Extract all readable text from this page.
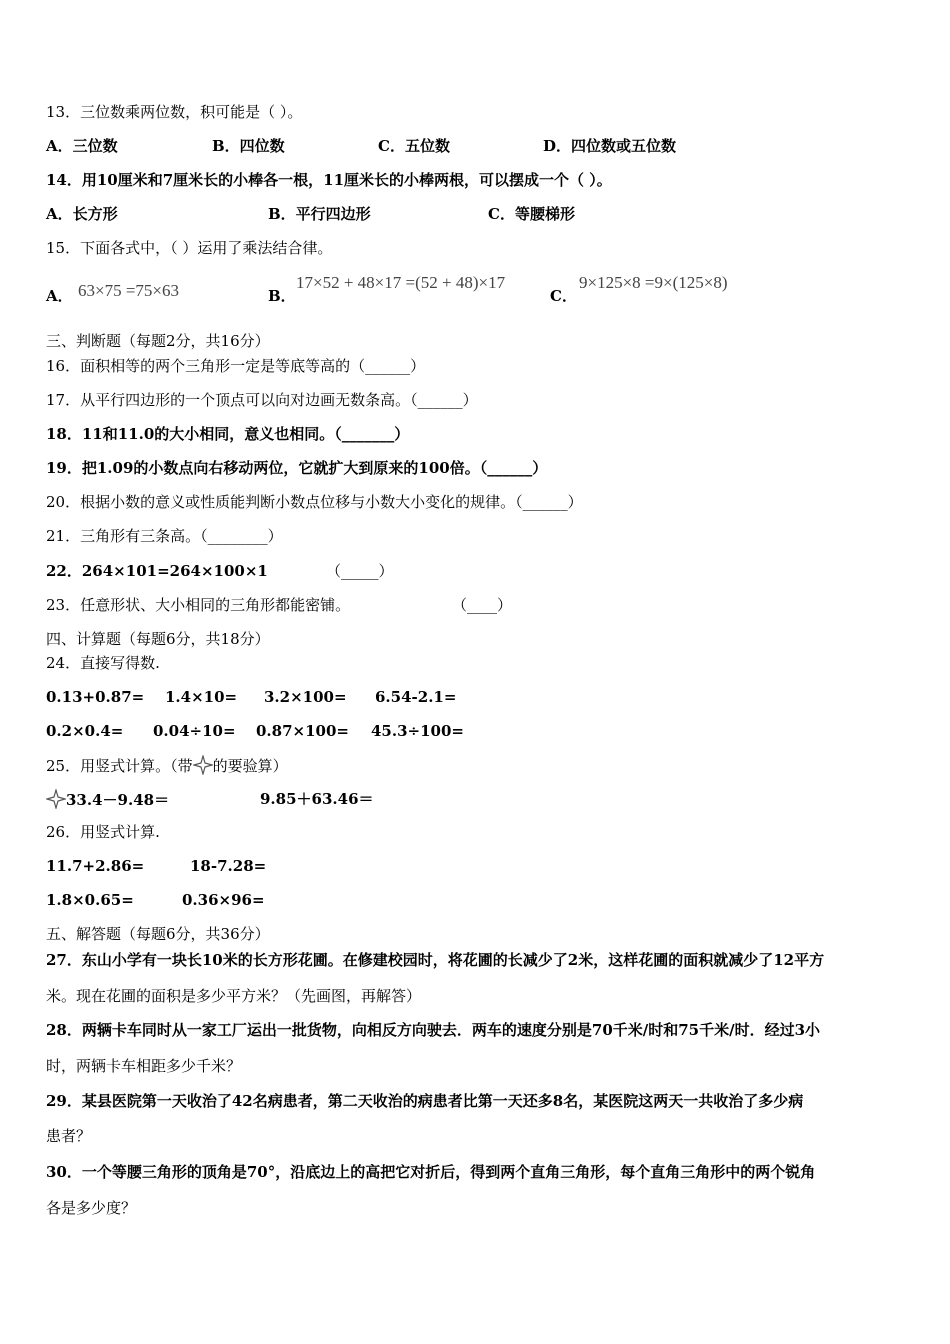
13．三位数乘两位数，积可能是（ ）。
A．三位数	B．四位数	C．五位数	D．四位数或五位数
14．用10厘米和7厘米长的小棒各一根，11厘米长的小棒两根，可以摆成一个（ ）。
A．长方形	B．平行四边形	C．等腰梯形
15．下面各式中，（ ）运用了乘法结合律。
A． 63×75 =75×63	B．
17×52 + 48×17 =(52 + 48)×17
C．
9×125×8 =9×(125×8)
三、判断题（每题2分，共16分）
16．面积相等的两个三角形一定是等底等高的（______）
17．从平行四边形的一个顶点可以向对边画无数条高。（______）
18．11和11.0的大小相同，意义也相同。（_______）
19．把1.09的小数点向右移动两位，它就扩大到原来的100倍。（______）
20．根据小数的意义或性质能判断小数点位移与小数大小变化的规律。（______）
21．三角形有三条高。（________）
22．264×101=264×100×1	（_____）
23．任意形状、大小相同的三角形都能密铺。	（____）
四、计算题（每题6分，共18分）
24．直接写得数.
0.13+0.87= 1.4×10= 3.2×100= 6.54-2.1=
0.2×0.4= 0.04÷10= 0.87×100= 45.3÷100=
25．用竖式计算。（带 的要验算）
33.4－9.48＝	9.85＋63.46＝
26．用竖式计算.
11.7+2.86=	18-7.28=
1.8×0.65=	0.36×96=
五、解答题（每题6分，共36分）
27．东山小学有一块长10米的长方形花圃。在修建校园时，将花圃的长减少了2米，这样花圃的面积就减少了12平方
米。现在花圃的面积是多少平方米？（先画图，再解答）
28．两辆卡车同时从一家工厂运出一批货物，向相反方向驶去．两车的速度分别是70千米/时和75千米/时．经过3小
时，两辆卡车相距多少千米？
29．某县医院第一天收治了42名病患者，第二天收治的病患者比第一天还多8名，某医院这两天一共收治了多少病
患者？
30．一个等腰三角形的顶角是70°，沿底边上的高把它对折后，得到两个直角三角形，每个直角三角形中的两个锐角
各是多少度？
